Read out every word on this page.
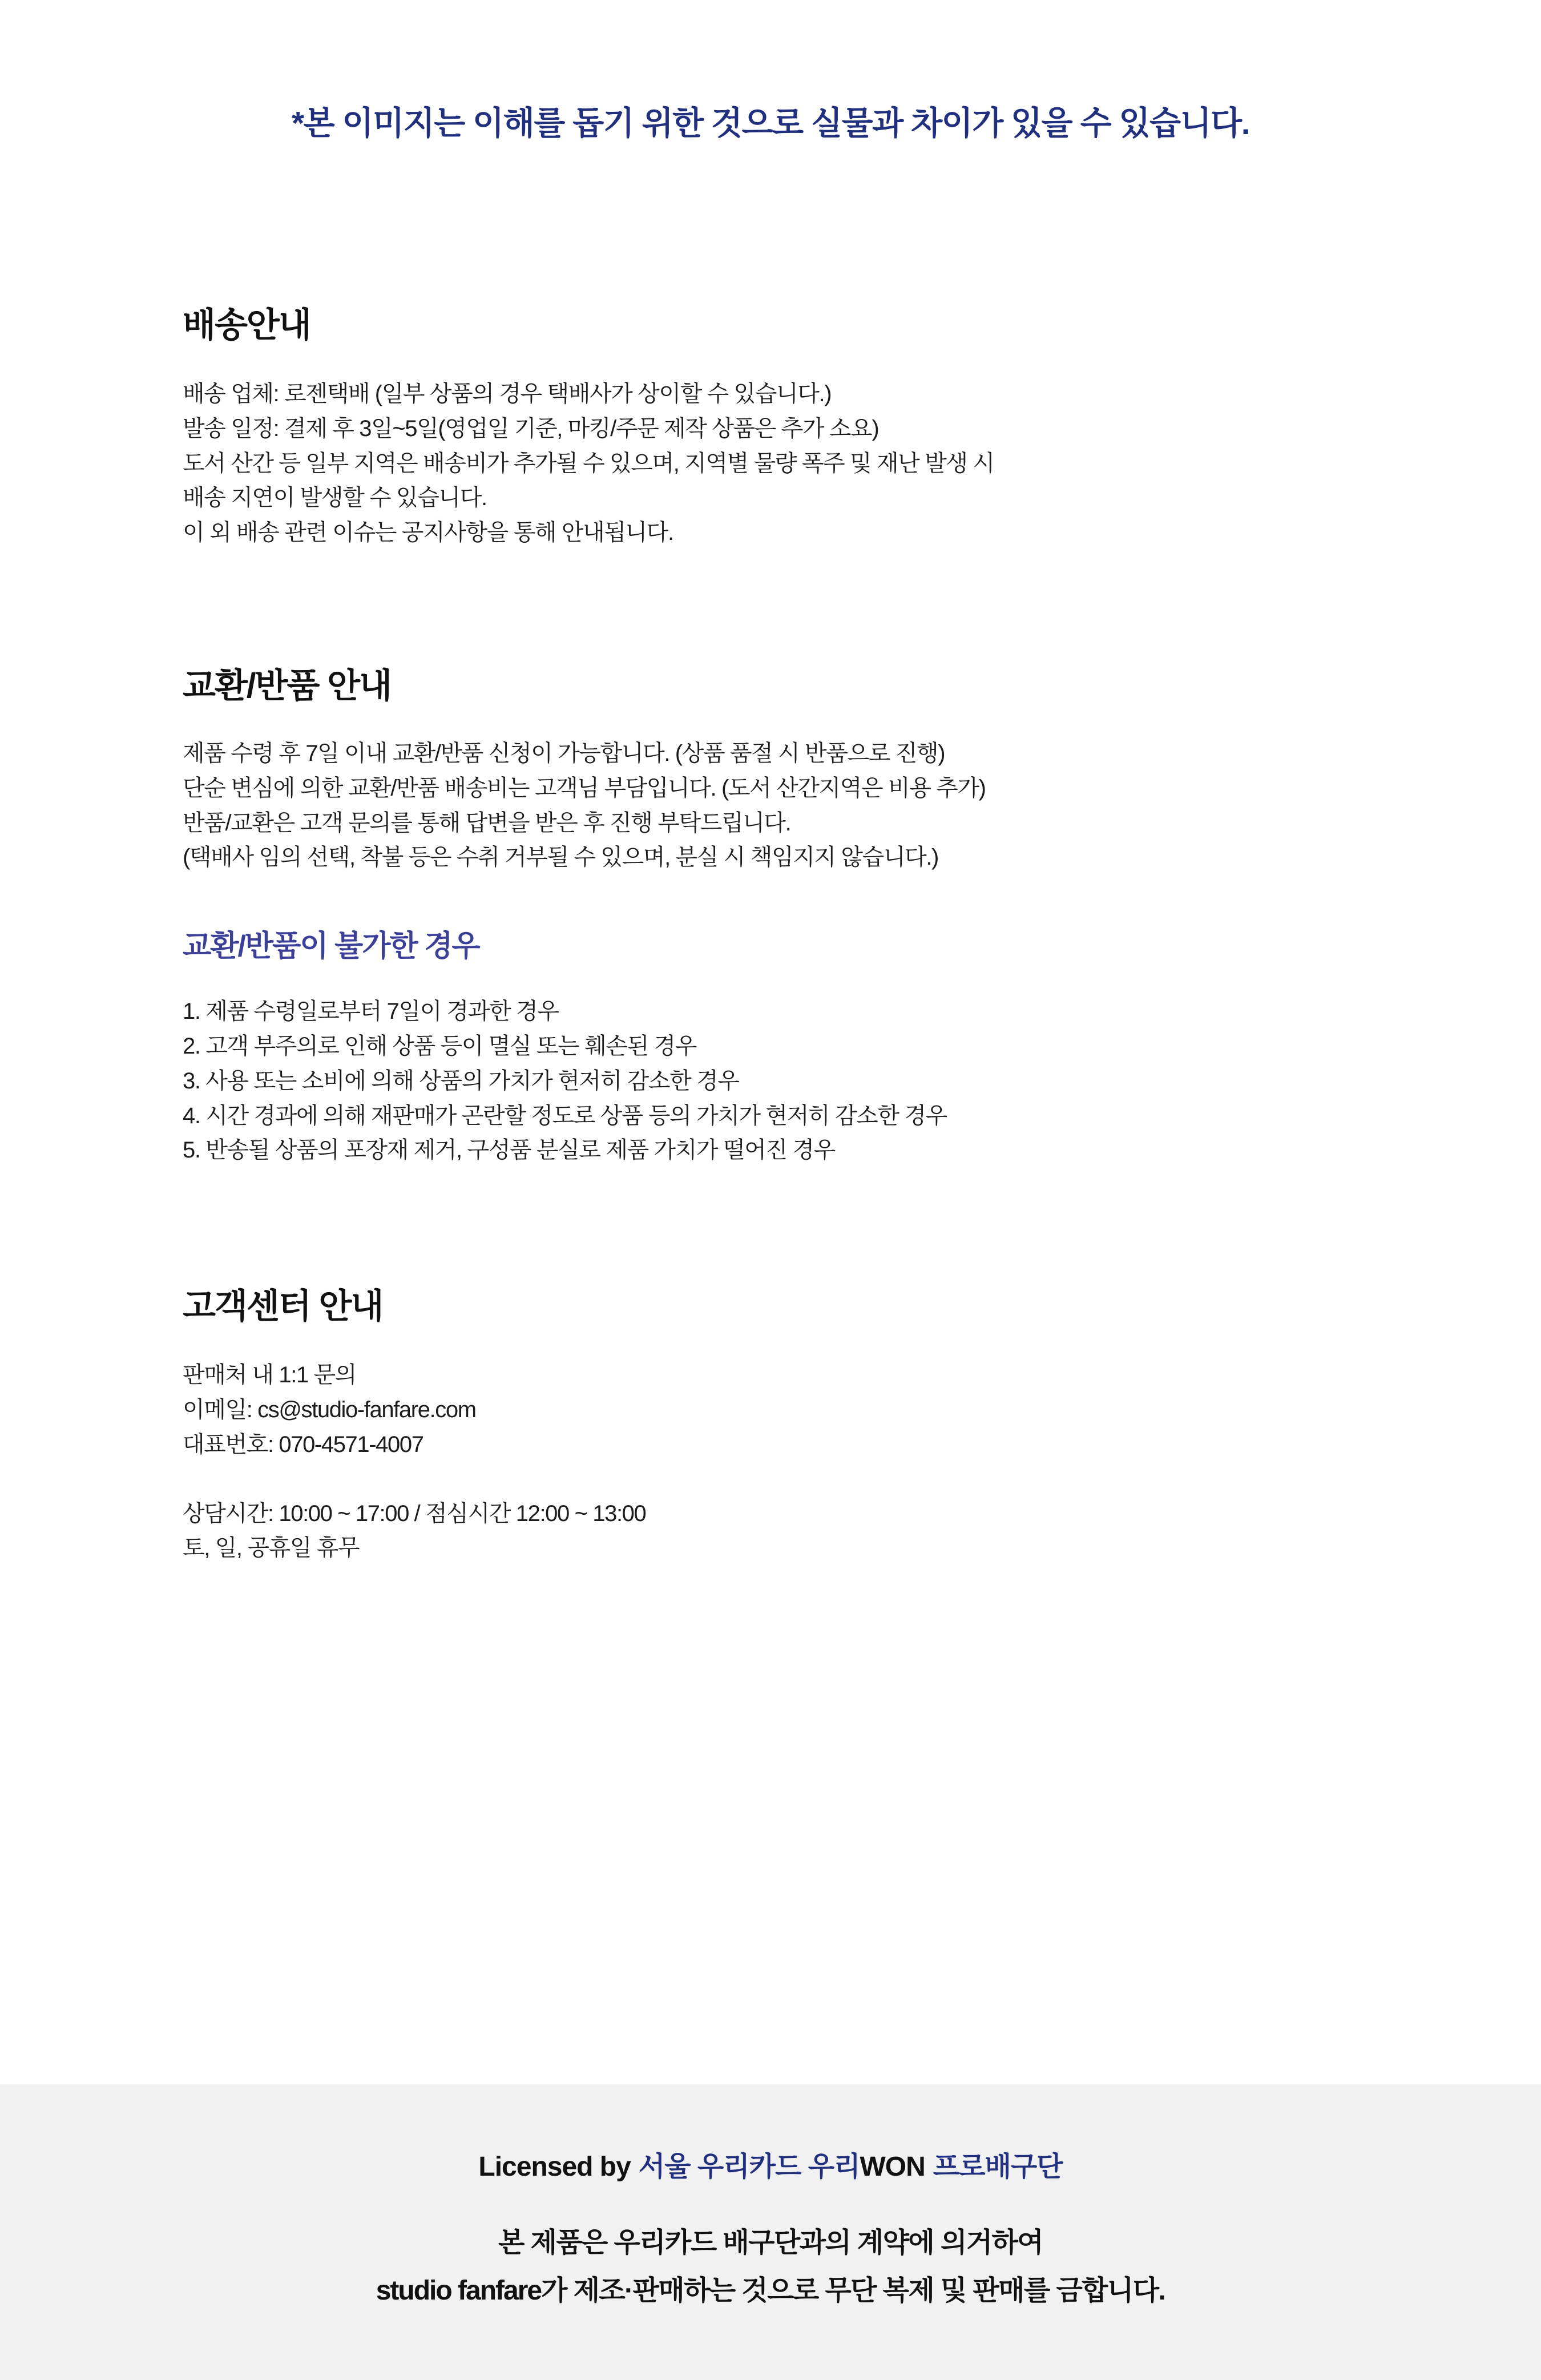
*본 이미지는 이해를 돕기 위한 것으로 실물과 차이가 있을 수 있습니다.
배송안내
배송 업체: 로젠택배 (일부 상품의 경우 택배사가 상이할 수 있습니다.)
발송 일정: 결제 후 3일~5일(영업일 기준, 마킹/주문 제작 상품은 추가 소요)
도서 산간 등 일부 지역은 배송비가 추가될 수 있으며, 지역별 물량 폭주 및 재난 발생 시
배송 지연이 발생할 수 있습니다.
이 외 배송 관련 이슈는 공지사항을 통해 안내됩니다.
교환/반품 안내
제품 수령 후 7일 이내 교환/반품 신청이 가능합니다. (상품 품절 시 반품으로 진행)
단순 변심에 의한 교환/반품 배송비는 고객님 부담입니다. (도서 산간지역은 비용 추가)
반품/교환은 고객 문의를 통해 답변을 받은 후 진행 부탁드립니다.
(택배사 임의 선택, 착불 등은 수취 거부될 수 있으며, 분실 시 책임지지 않습니다.)
교환/반품이 불가한 경우
1. 제품 수령일로부터 7일이 경과한 경우
2. 고객 부주의로 인해 상품 등이 멸실 또는 훼손된 경우
3. 사용 또는 소비에 의해 상품의 가치가 현저히 감소한 경우
4. 시간 경과에 의해 재판매가 곤란할 정도로 상품 등의 가치가 현저히 감소한 경우
5. 반송될 상품의 포장재 제거, 구성품 분실로 제품 가치가 떨어진 경우
고객센터 안내
판매처 내 1:1 문의
이메일: cs@studio-fanfare.com
대표번호: 070-4571-4007
상담시간: 10:00 ~ 17:00 / 점심시간 12:00 ~ 13:00
토, 일, 공휴일 휴무
Licensed by 서울 우리카드 우리WON 프로배구단
본 제품은 우리카드 배구단과의 계약에 의거하여
studio fanfare가 제조·판매하는 것으로 무단 복제 및 판매를 금합니다.
